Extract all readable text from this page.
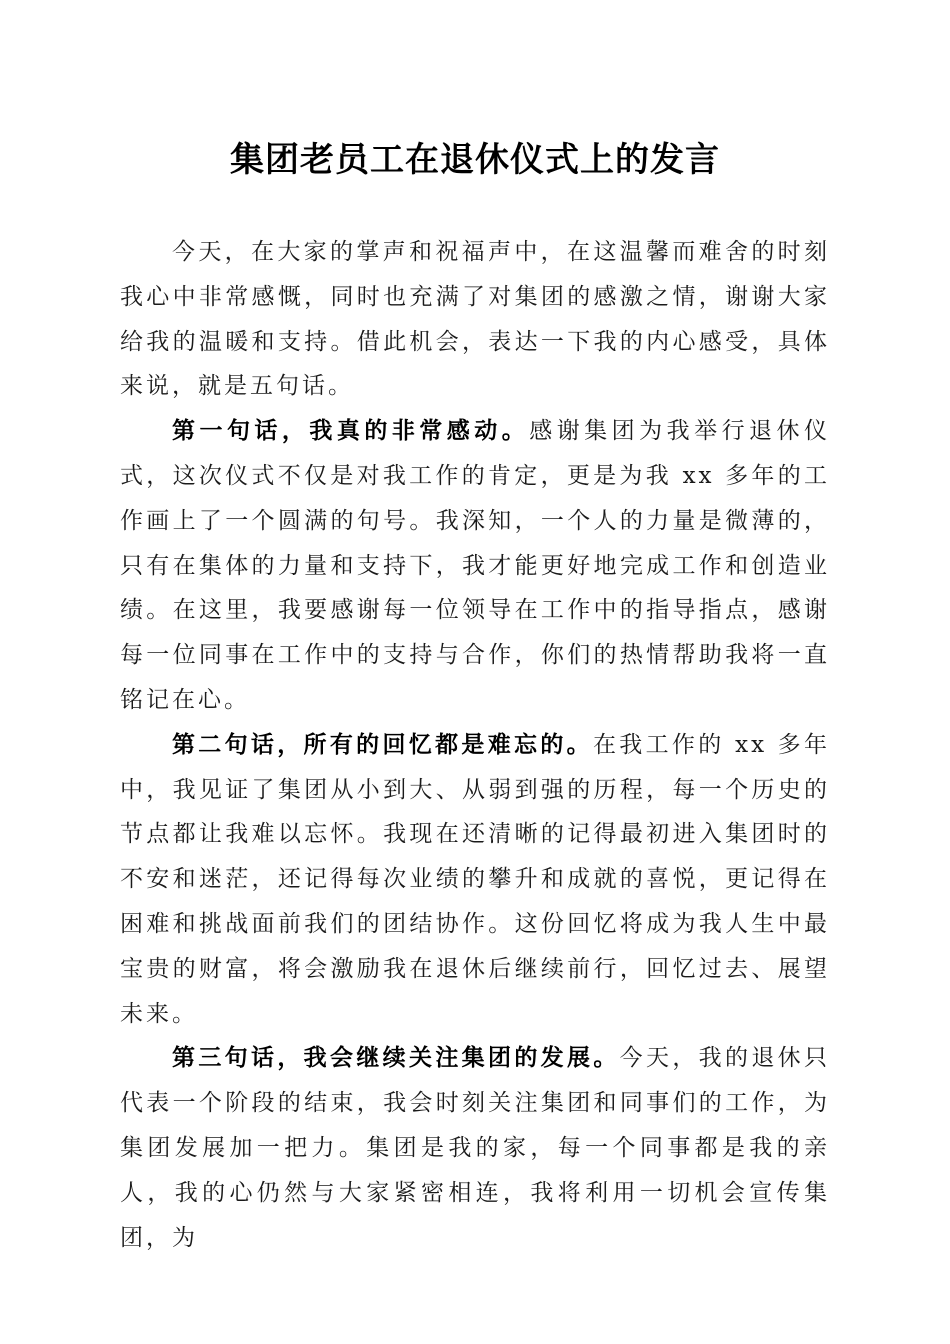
集团老员工在退休仪式上的发言

今天，在大家的掌声和祝福声中，在这温馨而难舍的时刻我心中非常感慨，同时也充满了对集团的感激之情，谢谢大家给我的温暖和支持。借此机会，表达一下我的内心感受，具体来说，就是五句话。

第一句话，我真的非常感动。感谢集团为我举行退休仪式，这次仪式不仅是对我工作的肯定，更是为我 xx 多年的工作画上了一个圆满的句号。我深知，一个人的力量是微薄的，只有在集体的力量和支持下，我才能更好地完成工作和创造业绩。在这里，我要感谢每一位领导在工作中的指导指点，感谢每一位同事在工作中的支持与合作，你们的热情帮助我将一直铭记在心。

第二句话，所有的回忆都是难忘的。在我工作的 xx 多年中，我见证了集团从小到大、从弱到强的历程，每一个历史的节点都让我难以忘怀。我现在还清晰的记得最初进入集团时的不安和迷茫，还记得每次业绩的攀升和成就的喜悦，更记得在困难和挑战面前我们的团结协作。这份回忆将成为我人生中最宝贵的财富，将会激励我在退休后继续前行，回忆过去、展望未来。

第三句话，我会继续关注集团的发展。今天，我的退休只代表一个阶段的结束，我会时刻关注集团和同事们的工作，为集团发展加一把力。集团是我的家，每一个同事都是我的亲人，我的心仍然与大家紧密相连，我将利用一切机会宣传集团，为
